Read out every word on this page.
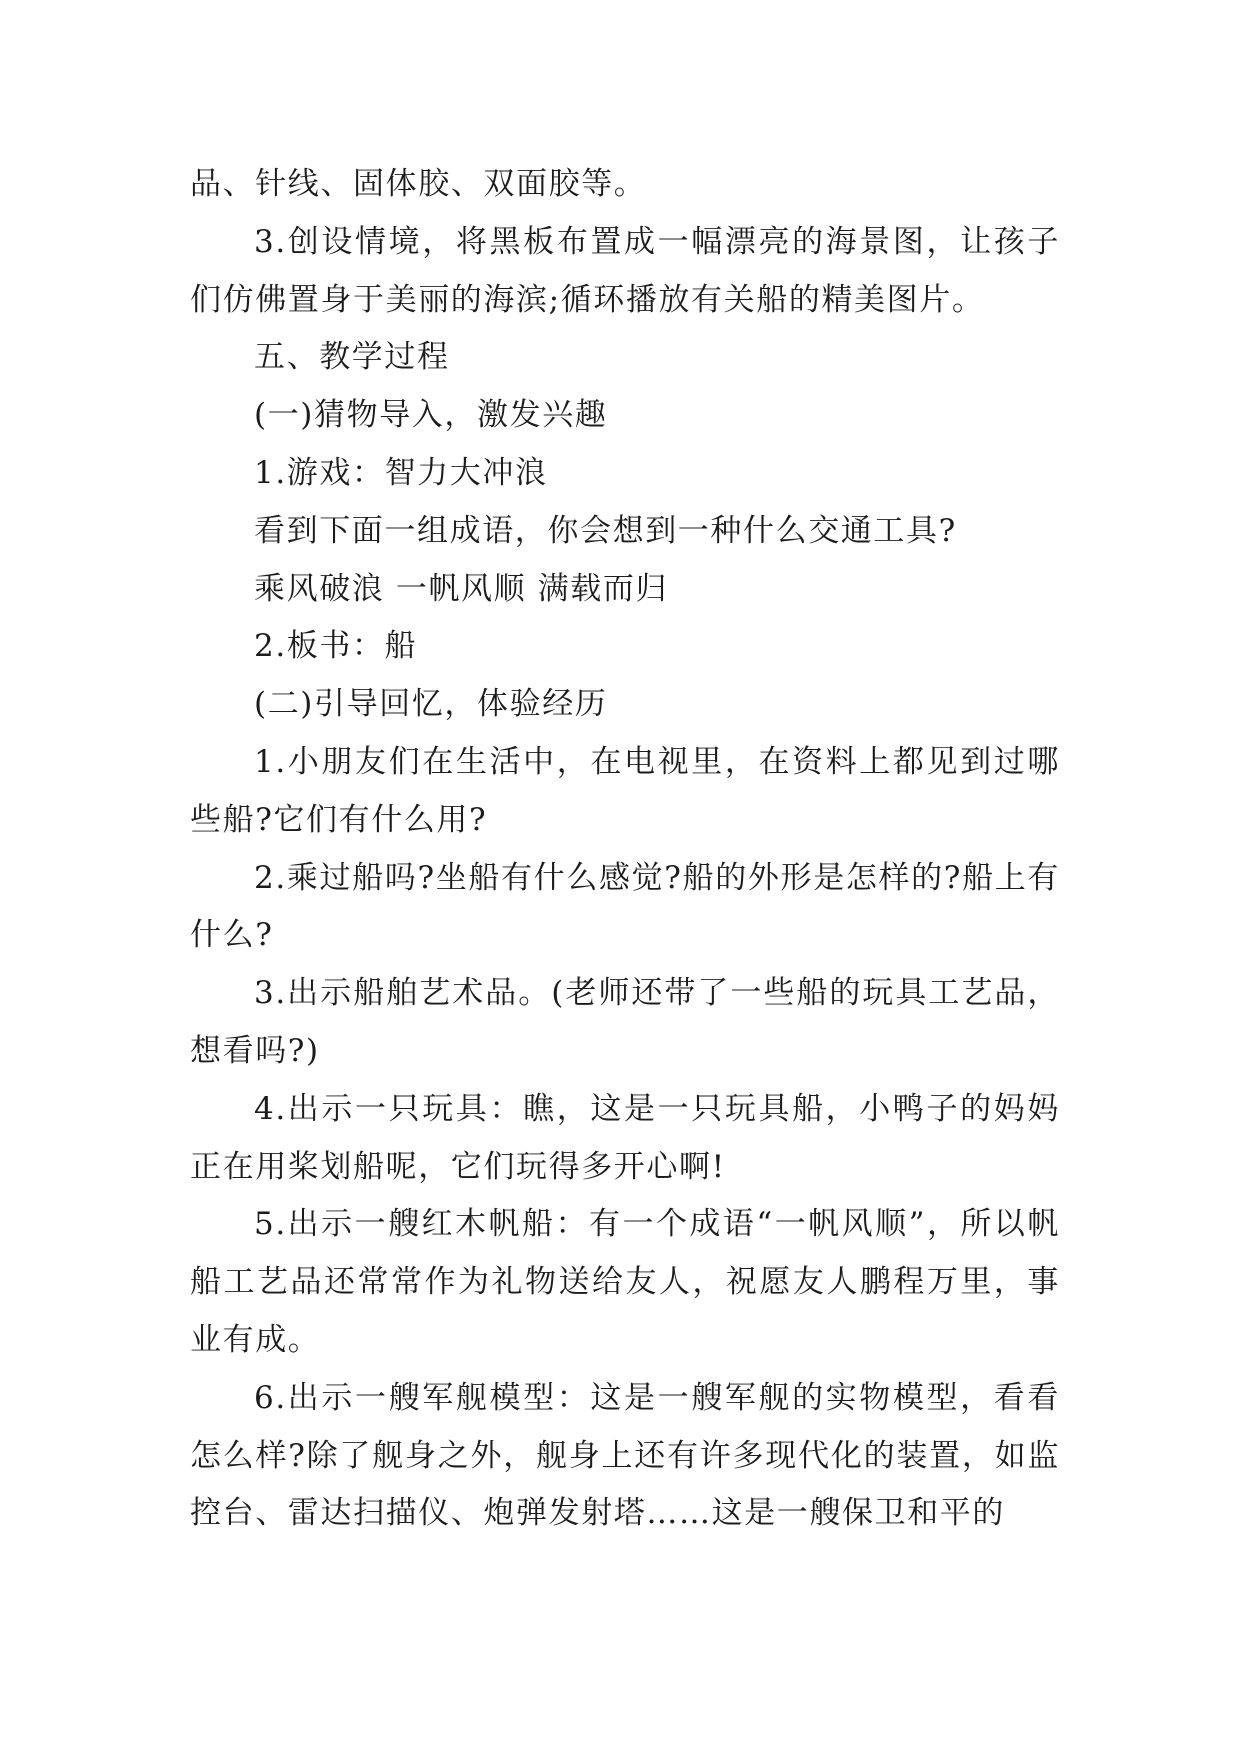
品、针线、固体胶、双面胶等。

3.创设情境，将黑板布置成一幅漂亮的海景图，让孩子们仿佛置身于美丽的海滨;循环播放有关船的精美图片。

五、教学过程

(一)猜物导入，激发兴趣

1.游戏：智力大冲浪

看到下面一组成语，你会想到一种什么交通工具?

乘风破浪 一帆风顺 满载而归

2.板书：船

(二)引导回忆，体验经历

1.小朋友们在生活中，在电视里，在资料上都见到过哪些船?它们有什么用?

2.乘过船吗?坐船有什么感觉?船的外形是怎样的?船上有什么?

3.出示船舶艺术品。(老师还带了一些船的玩具工艺品，想看吗?)

4.出示一只玩具：瞧，这是一只玩具船，小鸭子的妈妈正在用桨划船呢，它们玩得多开心啊!

5.出示一艘红木帆船：有一个成语“一帆风顺”，所以帆船工艺品还常常作为礼物送给友人，祝愿友人鹏程万里，事业有成。

6.出示一艘军舰模型：这是一艘军舰的实物模型，看看怎么样?除了舰身之外，舰身上还有许多现代化的装置，如监控台、雷达扫描仪、炮弹发射塔……这是一艘保卫和平的
